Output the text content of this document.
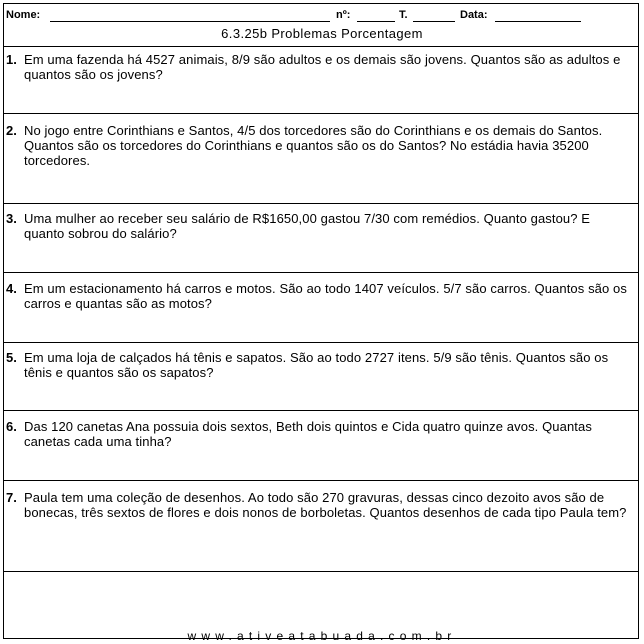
Nome:	nº:	T.	Data:
6.3.25b Problemas Porcentagem
1. Em uma fazenda há 4527 animais, 8/9 são adultos e os demais são jovens. Quantos são as adultos e quantos são os jovens?
2. No jogo entre Corinthians e Santos, 4/5 dos torcedores são do Corinthians e os demais do Santos. Quantos são os torcedores do Corinthians e quantos são os do Santos? No estádia havia 35200 torcedores.
3. Uma mulher ao receber seu salário de R$1650,00 gastou 7/30 com remédios. Quanto gastou? E quanto sobrou do salário?
4. Em um estacionamento há carros e motos. São ao todo 1407 veículos. 5/7 são carros. Quantos são os carros e quantas são as motos?
5. Em uma loja de calçados há tênis e sapatos. São ao todo 2727 itens. 5/9 são tênis. Quantos são os tênis e quantos são os sapatos?
6. Das 120 canetas Ana possuia dois sextos, Beth dois quintos e Cida quatro quinze avos. Quantas canetas cada uma tinha?
7. Paula tem uma coleção de desenhos. Ao todo são 270 gravuras, dessas cinco dezoito avos são de bonecas, três sextos de flores e dois nonos de borboletas. Quantos desenhos de cada tipo Paula tem?
www.ativeatabuada.com.br
